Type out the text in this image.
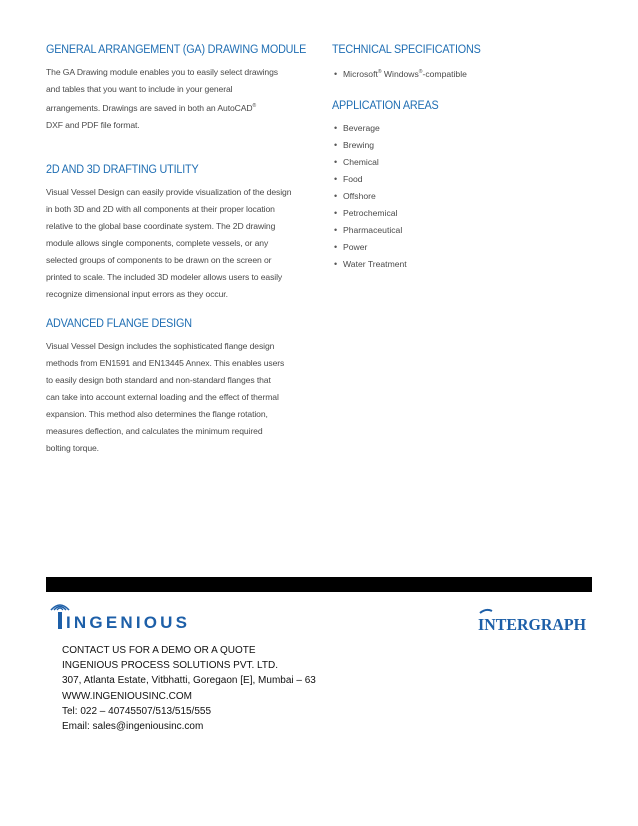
GENERAL ARRANGEMENT (GA) DRAWING MODULE

The GA Drawing module enables you to easily select drawings
and tables that you want to include in your general
arrangements. Drawings are saved in both an AutoCAD®
DXF and PDF file format.

2D AND 3D DRAFTING UTILITY

Visual Vessel Design can easily provide visualization of the design
in both 3D and 2D with all components at their proper location
relative to the global base coordinate system. The 2D drawing
module allows single components, complete vessels, or any
selected groups of components to be drawn on the screen or
printed to scale. The included 3D modeler allows users to easily
recognize dimensional input errors as they occur.

ADVANCED FLANGE DESIGN

Visual Vessel Design includes the sophisticated flange design
methods from EN1591 and EN13445 Annex. This enables users
to easily design both standard and non-standard flanges that
can take into account external loading and the effect of thermal
expansion. This method also determines the flange rotation,
measures deflection, and calculates the minimum required
bolting torque.

TECHNICAL SPECIFICATIONS
• Microsoft® Windows®-compatible
APPLICATION AREAS
• Beverage
• Brewing
• Chemical
• Food
• Offshore
• Petrochemical
• Pharmaceutical
• Power
• Water Treatment
INGENIOUS	INTERGRAPH
CONTACT US FOR A DEMO OR A QUOTE
INGENIOUS PROCESS SOLUTIONS PVT. LTD.
307, Atlanta Estate, Vitbhatti, Goregaon [E], Mumbai – 63
WWW.INGENIOUSINC.COM
Tel: 022 – 40745507/513/515/555
Email: sales@ingeniousinc.com
